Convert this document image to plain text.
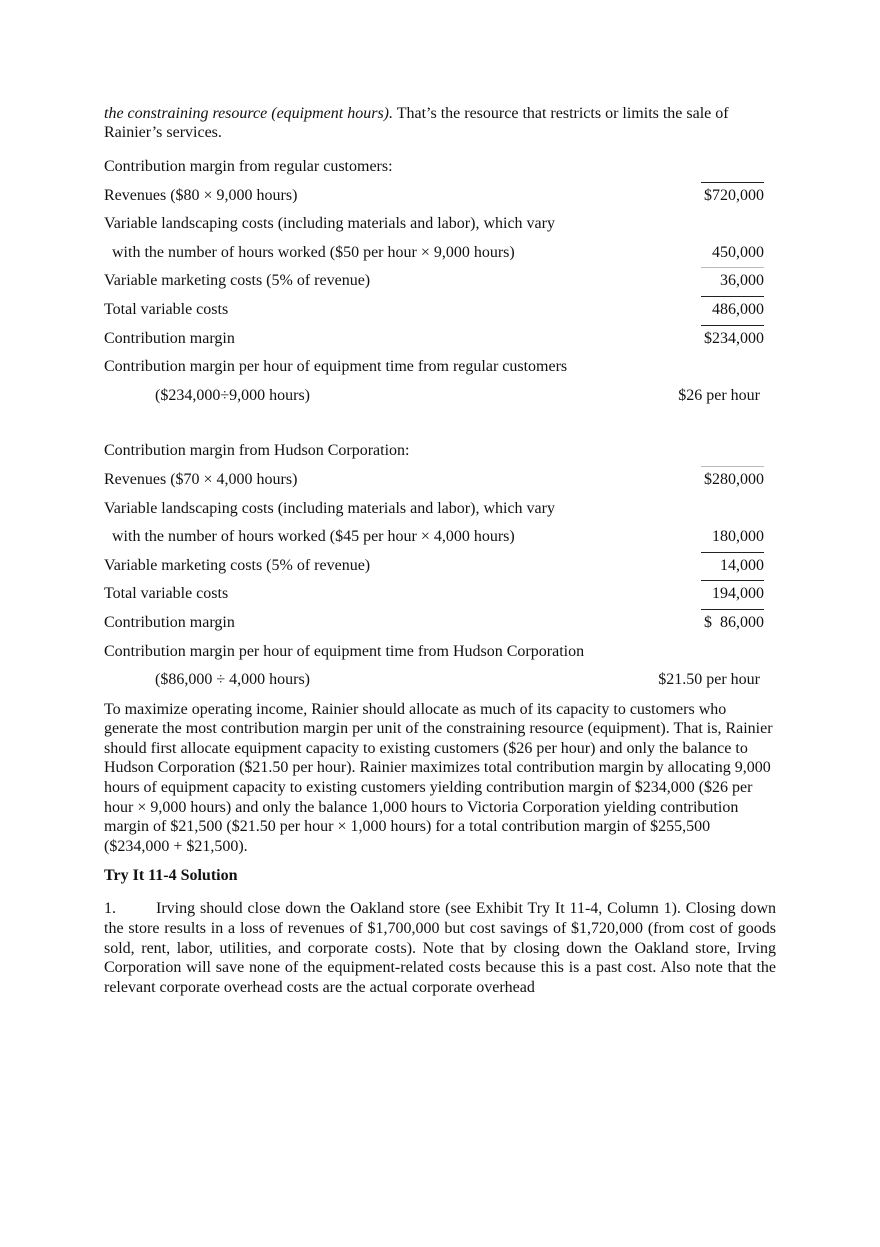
the constraining resource (equipment hours). That’s the resource that restricts or limits the sale of Rainier’s services.

Contribution margin from regular customers:
Revenues ($80 × 9,000 hours)	$720,000
Variable landscaping costs (including materials and labor), which vary
with the number of hours worked ($50 per hour × 9,000 hours)	450,000
Variable marketing costs (5% of revenue)	36,000
Total variable costs	486,000
Contribution margin	$234,000
Contribution margin per hour of equipment time from regular customers
($234,000÷9,000 hours)	$26 per hour
Contribution margin from Hudson Corporation:
Revenues ($70 × 4,000 hours)	$280,000
Variable landscaping costs (including materials and labor), which vary
with the number of hours worked ($45 per hour × 4,000 hours)	180,000
Variable marketing costs (5% of revenue)	14,000
Total variable costs	194,000
Contribution margin	$  86,000
Contribution margin per hour of equipment time from Hudson Corporation
($86,000 ÷ 4,000 hours)	$21.50 per hour

To maximize operating income, Rainier should allocate as much of its capacity to customers who generate the most contribution margin per unit of the constraining resource (equipment). That is, Rainier should first allocate equipment capacity to existing customers ($26 per hour) and only the balance to Hudson Corporation ($21.50 per hour). Rainier maximizes total contribution margin by allocating 9,000 hours of equipment capacity to existing customers yielding contribution margin of $234,000 ($26 per hour × 9,000 hours) and only the balance 1,000 hours to Victoria Corporation yielding contribution margin of $21,500 ($21.50 per hour × 1,000 hours) for a total contribution margin of $255,500 ($234,000 + $21,500).

Try It 11-4 Solution

1.	Irving should close down the Oakland store (see Exhibit Try It 11-4, Column 1). Closing down the store results in a loss of revenues of $1,700,000 but cost savings of $1,720,000 (from cost of goods sold, rent, labor, utilities, and corporate costs). Note that by closing down the Oakland store, Irving Corporation will save none of the equipment-related costs because this is a past cost. Also note that the relevant corporate overhead costs are the actual corporate overhead
